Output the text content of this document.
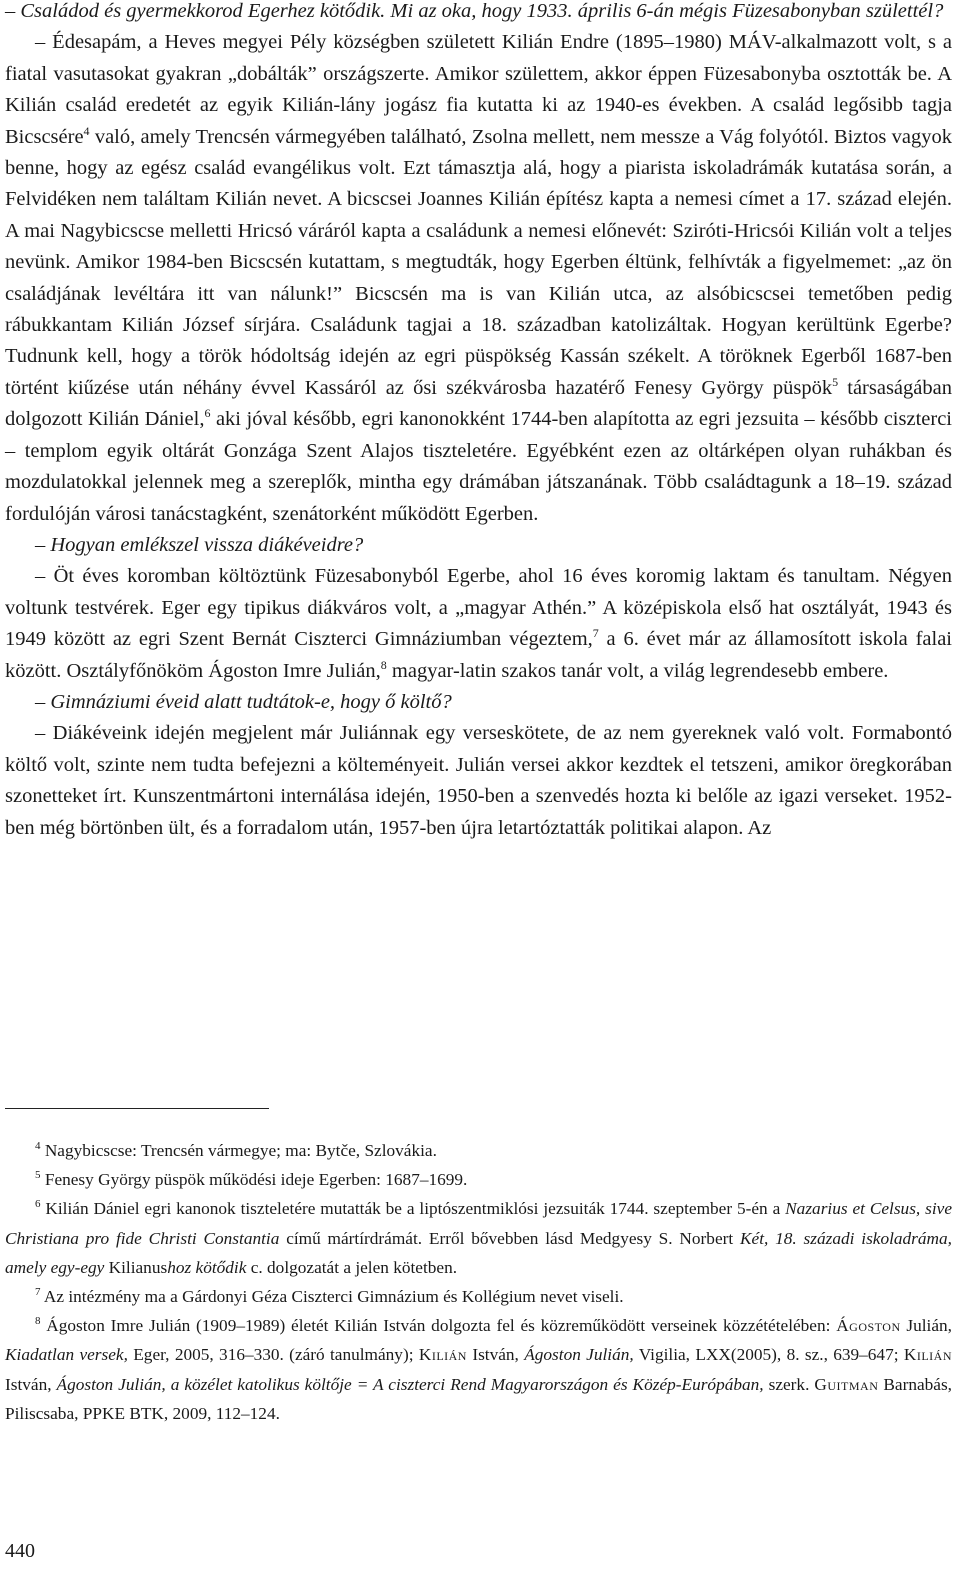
– Családod és gyermekkorod Egerhez kötődik. Mi az oka, hogy 1933. április 6-án mégis Füzesabonyban születtél?

– Édesapám, a Heves megyei Pély községben született Kilián Endre (1895–1980) MÁV-alkalmazott volt, s a fiatal vasutasokat gyakran „dobálták” országszerte. Amikor születtem, akkor éppen Füzesabonyba osztották be. A Kilián család eredetét az egyik Kilián-lány jogász fia kutatta ki az 1940-es években. A család legősibb tagja Bicscsére$^4$ való, amely Trencsén vármegyében található, Zsolna mellett, nem messze a Vág folyótól. Biztos vagyok benne, hogy az egész család evangélikus volt. Ezt támasztja alá, hogy a piarista iskoladrámák kutatása során, a Felvidéken nem találtam Kilián nevet. A bicscsei Joannes Kilián építész kapta a nemesi címet a 17. század elején. A mai Nagybicscse melletti Hricsó váráról kapta a családunk a nemesi előnevét: Sziróti-Hricsói Kilián volt a teljes nevünk. Amikor 1984-ben Bicscsén kutattam, s megtudták, hogy Egerben éltünk, felhívták a figyelmemet: „az ön családjának levéltára itt van nálunk!” Bicscsén ma is van Kilián utca, az alsóbicscsei temetőben pedig rábukkantam Kilián József sírjára. Családunk tagjai a 18. században katolizáltak. Hogyan kerültünk Egerbe? Tudnunk kell, hogy a török hódoltság idején az egri püspökség Kassán székelt. A töröknek Egerből 1687-ben történt kiűzése után néhány évvel Kassáról az ősi székvárosba hazatérő Fenesy György püspök$^5$ társaságában dolgozott Kilián Dániel,$^6$ aki jóval később, egri kanonokként 1744-ben alapította az egri jezsuita – később ciszterci – templom egyik oltárát Gonzága Szent Alajos tiszteletére. Egyébként ezen az oltárképen olyan ruhákban és mozdulatokkal jelennek meg a szereplők, mintha egy drámában játszanának. Több családtagunk a 18–19. század fordulóján városi tanácstagként, szenátorként működött Egerben.

– Hogyan emlékszel vissza diákéveidre?

– Öt éves koromban költöztünk Füzesabonyból Egerbe, ahol 16 éves koromig laktam és tanultam. Négyen voltunk testvérek. Eger egy tipikus diákváros volt, a „magyar Athén.” A középiskola első hat osztályát, 1943 és 1949 között az egri Szent Bernát Ciszterci Gimnáziumban végeztem,$^7$ a 6. évet már az államosított iskola falai között. Osztályfőnököm Ágoston Imre Julián,$^8$ magyar-latin szakos tanár volt, a világ legrendesebb embere.

– Gimnáziumi éveid alatt tudtátok-e, hogy ő költő?

– Diákéveink idején megjelent már Juliánnak egy verseskötete, de az nem gyereknek való volt. Formabontó költő volt, szinte nem tudta befejezni a költeményeit. Julián versei akkor kezdtek el tetszeni, amikor öregkorában szonetteket írt. Kunszentmártoni internálása idején, 1950-ben a szenvedés hozta ki belőle az igazi verseket. 1952-ben még börtönben ült, és a forradalom után, 1957-ben újra letartóztatták politikai alapon. Az

$^4$ Nagybicscse: Trencsén vármegye; ma: Bytče, Szlovákia.

$^5$ Fenesy György püspök működési ideje Egerben: 1687–1699.

$^6$ Kilián Dániel egri kanonok tiszteletére mutatták be a liptószentmiklósi jezsuiták 1744. szeptember 5-én a Nazarius et Celsus, sive Christiana pro fide Christi Constantia című mártírdrámát. Erről bővebben lásd Medgyesy S. Norbert Két, 18. századi iskoladráma, amely egy-egy Kilianushoz kötődik c. dolgozatát a jelen kötetben.

$^7$ Az intézmény ma a Gárdonyi Géza Ciszterci Gimnázium és Kollégium nevet viseli.

$^8$ Ágoston Imre Julián (1909–1989) életét Kilián István dolgozta fel és közreműködött verseinek közzétételében: Ágoston Julián, Kiadatlan versek, Eger, 2005, 316–330. (záró tanulmány); Kilián István, Ágoston Julián, Vigilia, LXX(2005), 8. sz., 639–647; Kilián István, Ágoston Julián, a közélet katolikus költője = A ciszterci Rend Magyarországon és Közép-Európában, szerk. Guitman Barnabás, Piliscsaba, PPKE BTK, 2009, 112–124.

440
